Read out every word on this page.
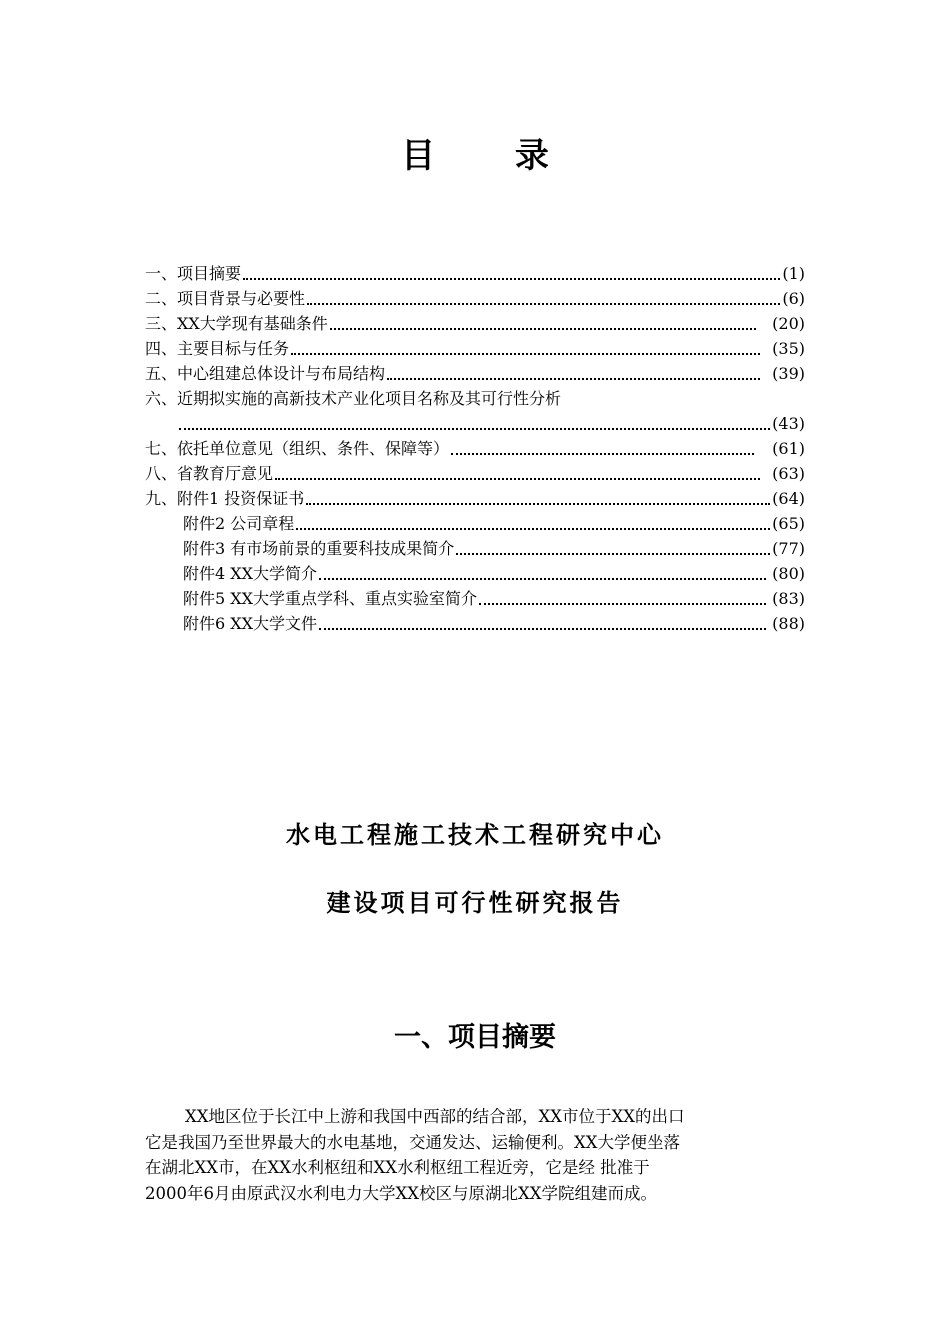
目 录
一、项目摘要	(1)
二、项目背景与必要性	(6)
三、XX大学现有基础条件	(20)
四、主要目标与任务	(35)
五、中心组建总体设计与布局结构	(39)
六、近期拟实施的高新技术产业化项目名称及其可行性分析
(43)
七、依托单位意见（组织、条件、保障等）	(61)
八、省教育厅意见	(63)
九、附件1 投资保证书	(64)
附件2 公司章程	(65)
附件3 有市场前景的重要科技成果简介	(77)
附件4 XX大学简介	(80)
附件5 XX大学重点学科、重点实验室简介	(83)
附件6 XX大学文件	(88)
水电工程施工技术工程研究中心
建设项目可行性研究报告
一、项目摘要
XX地区位于长江中上游和我国中西部的结合部，XX市位于XX的出口
它是我国乃至世界最大的水电基地，交通发达、运输便利。XX大学便坐落
在湖北XX市，在XX水利枢纽和XX水利枢纽工程近旁，它是经 批准于
2000年6月由原武汉水利电力大学XX校区与原湖北XX学院组建而成。
